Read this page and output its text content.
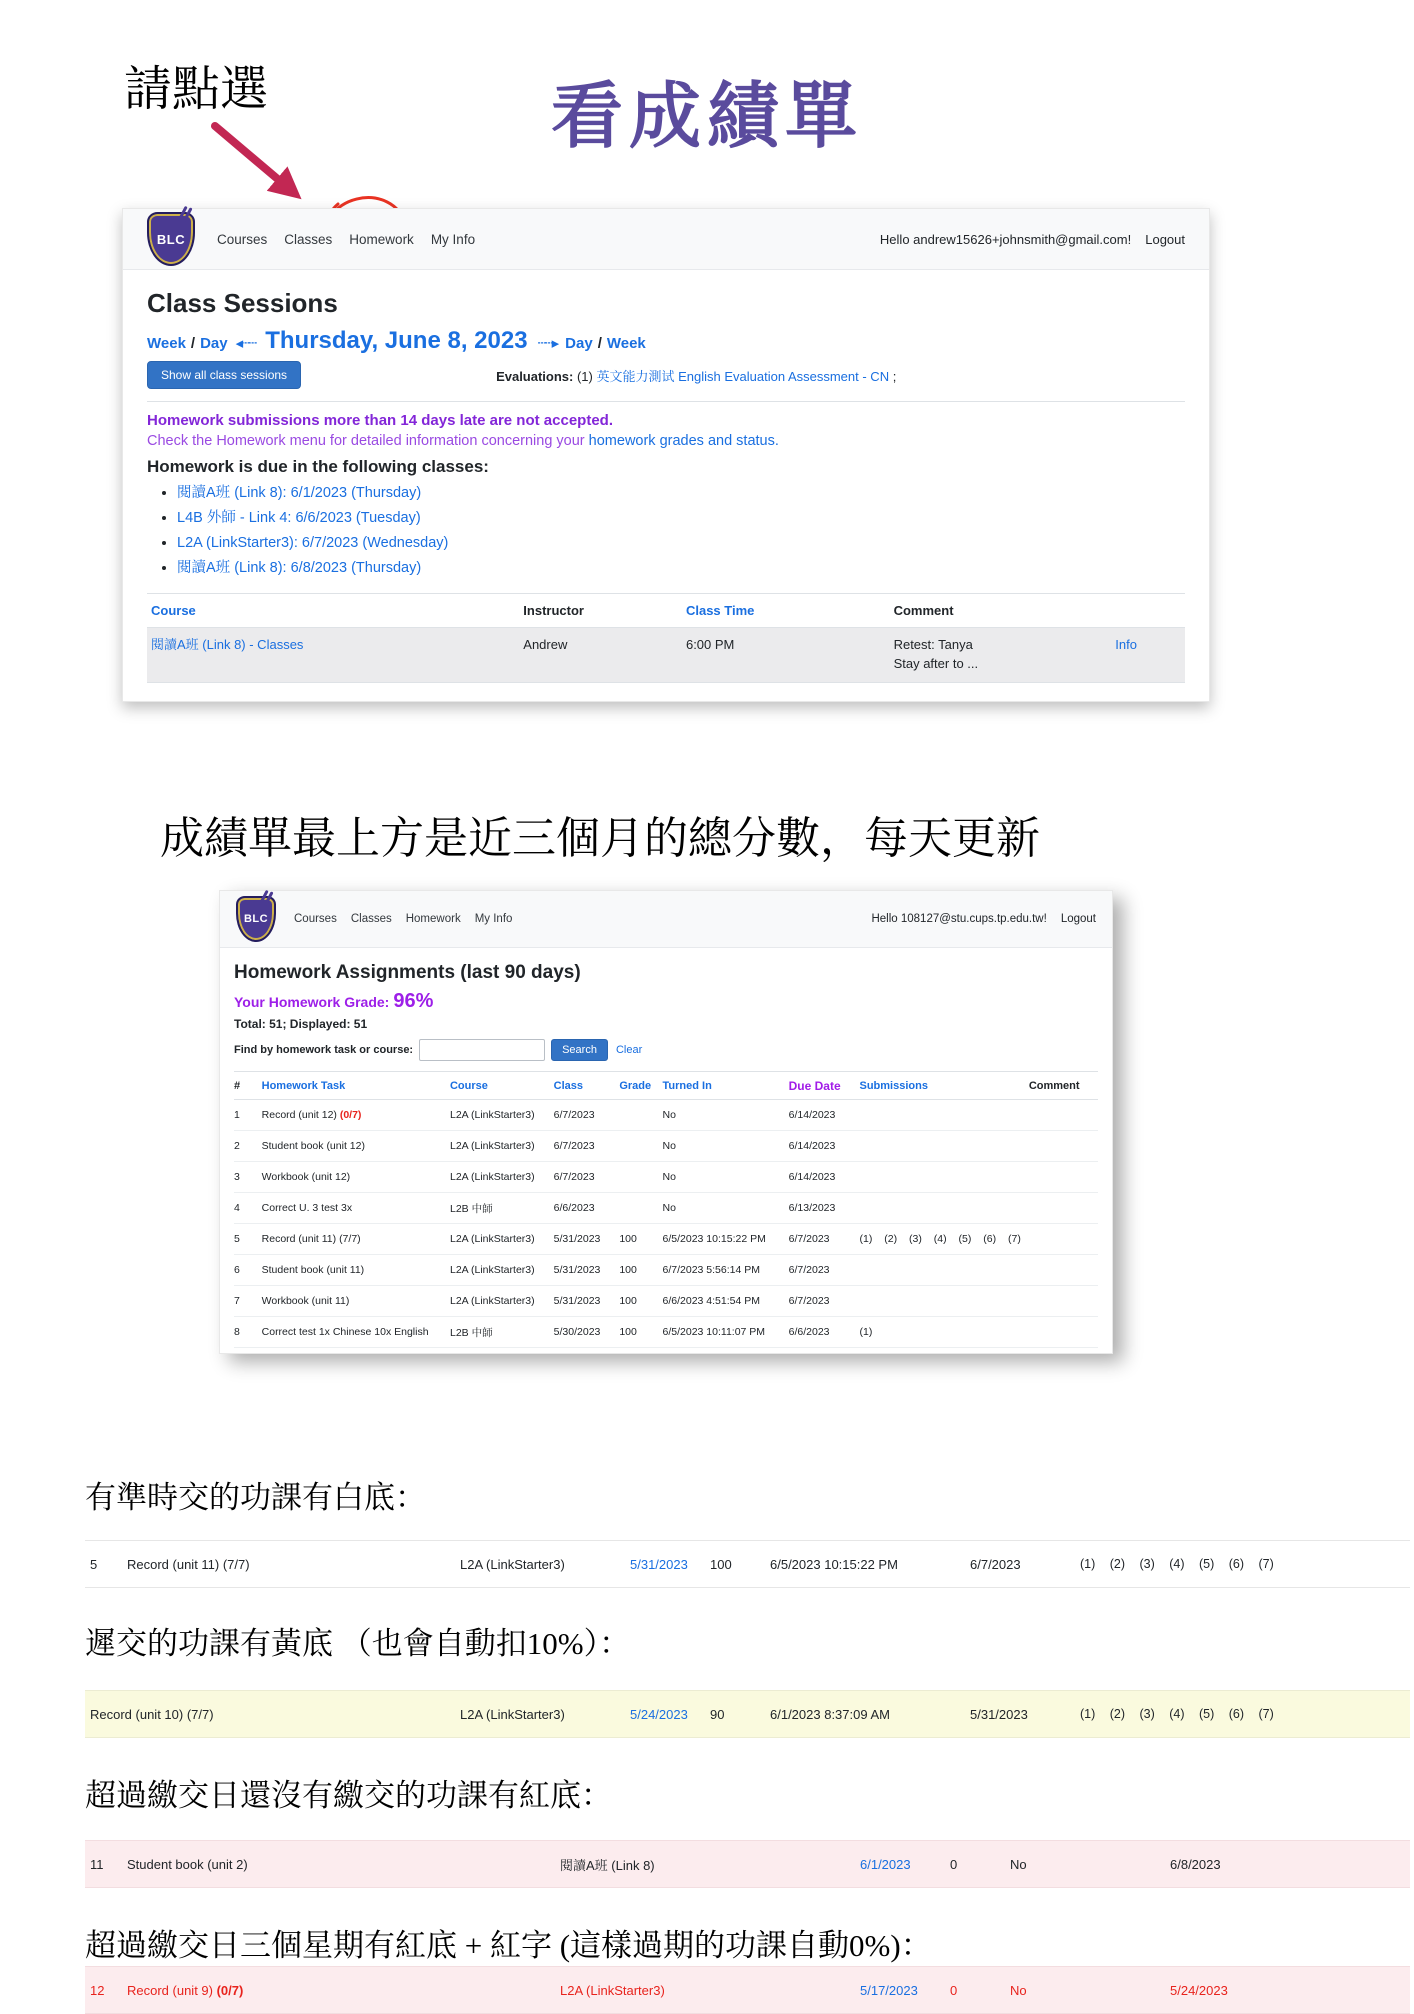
請點選	看成績單
BLC Courses Classes Homework My Info	Hello andrew15626+johnsmith@gmail.com! Logout
Class Sessions
Week / Day ◂┄┄ Thursday, June 8, 2023 ┄┄▸ Day / Week
Show all class sessions	Evaluations: (1) 英文能力測试 English Evaluation Assessment - CN ;
Homework submissions more than 14 days late are not accepted.
Check the Homework menu for detailed information concerning your homework grades and status.
Homework is due in the following classes:
• 閱讀A班 (Link 8): 6/1/2023 (Thursday)
• L4B 外師 - Link 4: 6/6/2023 (Tuesday)
• L2A (LinkStarter3): 6/7/2023 (Wednesday)
• 閱讀A班 (Link 8): 6/8/2023 (Thursday)
Course	Instructor	Class Time	Comment
閱讀A班 (Link 8) - Classes	Andrew	6:00 PM	Retest: Tanya
Stay after to ...
Info
成績單最上方是近三個月的總分數，每天更新
BLC Courses Classes Homework My Info	Hello 108127@stu.cups.tp.edu.tw! Logout
Homework Assignments (last 90 days)
Your Homework Grade: 96%
Total: 51; Displayed: 51
Find by homework task or course:	Search	Clear
#	Homework Task	Course	Class	Grade	Turned In	Due Date	Submissions	Comment
1	Record (unit 12) (0/7)	L2A (LinkStarter3)	6/7/2023	No	6/14/2023
2	Student book (unit 12)	L2A (LinkStarter3)	6/7/2023	No	6/14/2023
3	Workbook (unit 12)	L2A (LinkStarter3)	6/7/2023	No	6/14/2023
4	Correct U. 3 test 3x	L2B 中師	6/6/2023	No	6/13/2023
5	Record (unit 11) (7/7)	L2A (LinkStarter3)	5/31/2023	100	6/5/2023 10:15:22 PM	6/7/2023	(1) (2) (3) (4) (5) (6) (7)
6	Student book (unit 11)	L2A (LinkStarter3)	5/31/2023	100	6/7/2023 5:56:14 PM	6/7/2023
7	Workbook (unit 11)	L2A (LinkStarter3)	5/31/2023	100	6/6/2023 4:51:54 PM	6/7/2023
8	Correct test 1x Chinese 10x English	L2B 中師	5/30/2023	100	6/5/2023 10:11:07 PM	6/6/2023	(1)
有準時交的功課有白底：
5	Record (unit 11) (7/7)	L2A (LinkStarter3)	5/31/2023	100	6/5/2023 10:15:22 PM	6/7/2023	(1) (2) (3) (4) (5) (6) (7)
遲交的功課有黃底 （也會自動扣10%）：
Record (unit 10) (7/7)	L2A (LinkStarter3)	5/24/2023	90	6/1/2023 8:37:09 AM	5/31/2023	(1) (2) (3) (4) (5) (6) (7)
超過繳交日還沒有繳交的功課有紅底：
11	Student book (unit 2)	閱讀A班 (Link 8)	6/1/2023	0	No	6/8/2023
超過繳交日三個星期有紅底 + 紅字 (這樣過期的功課自動0%)：
12	Record (unit 9) (0/7)	L2A (LinkStarter3)	5/17/2023	0	No	5/24/2023
